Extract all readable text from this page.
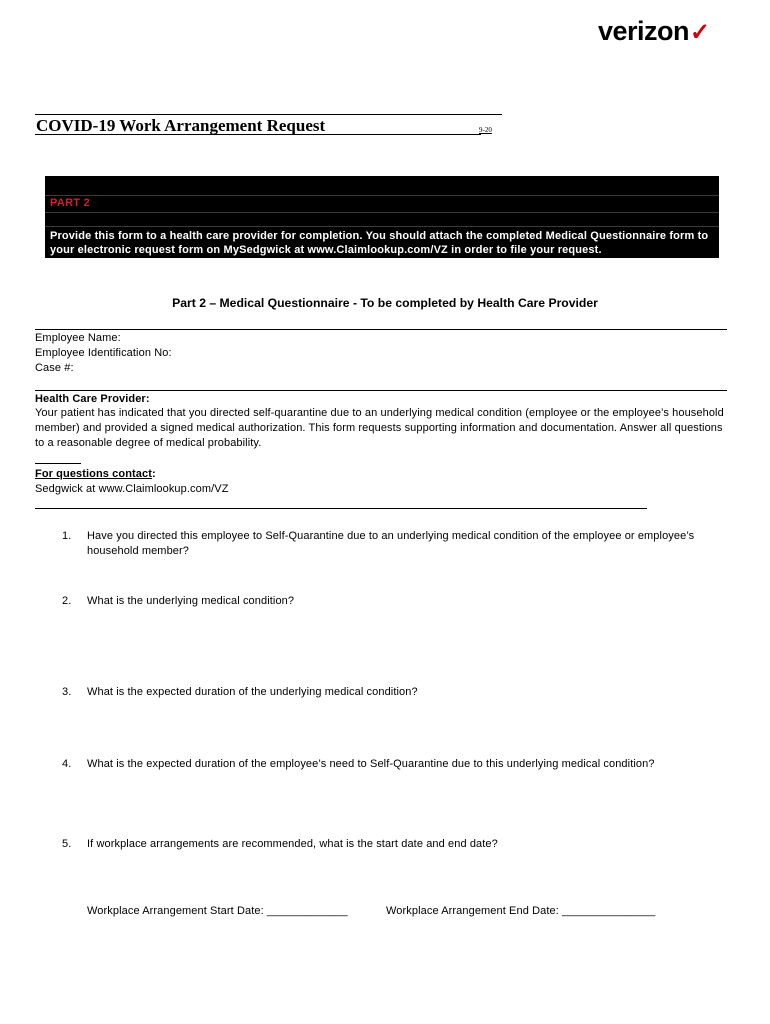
verizon✓
COVID-19 Work Arrangement Request	9-20
PART 2
Provide this form to a health care provider for completion. You should attach the completed Medical Questionnaire form to your electronic request form on MySedgwick at www.Claimlookup.com/VZ in order to file your request.
Part 2 – Medical Questionnaire - To be completed by Health Care Provider
Employee Name:
Employee Identification No:
Case #:
Health Care Provider:
Your patient has indicated that you directed self-quarantine due to an underlying medical condition (employee or the employee’s household member) and provided a signed medical authorization. This form requests supporting information and documentation. Answer all questions to a reasonable degree of medical probability.
For questions contact:
Sedgwick at www.Claimlookup.com/VZ
1. Have you directed this employee to Self-Quarantine due to an underlying medical condition of the employee or employee’s household member?
2. What is the underlying medical condition?
3. What is the expected duration of the underlying medical condition?
4. What is the expected duration of the employee’s need to Self-Quarantine due to this underlying medical condition?
5. If workplace arrangements are recommended, what is the start date and end date?
Workplace Arrangement Start Date: _____________	Workplace Arrangement End Date: _______________
